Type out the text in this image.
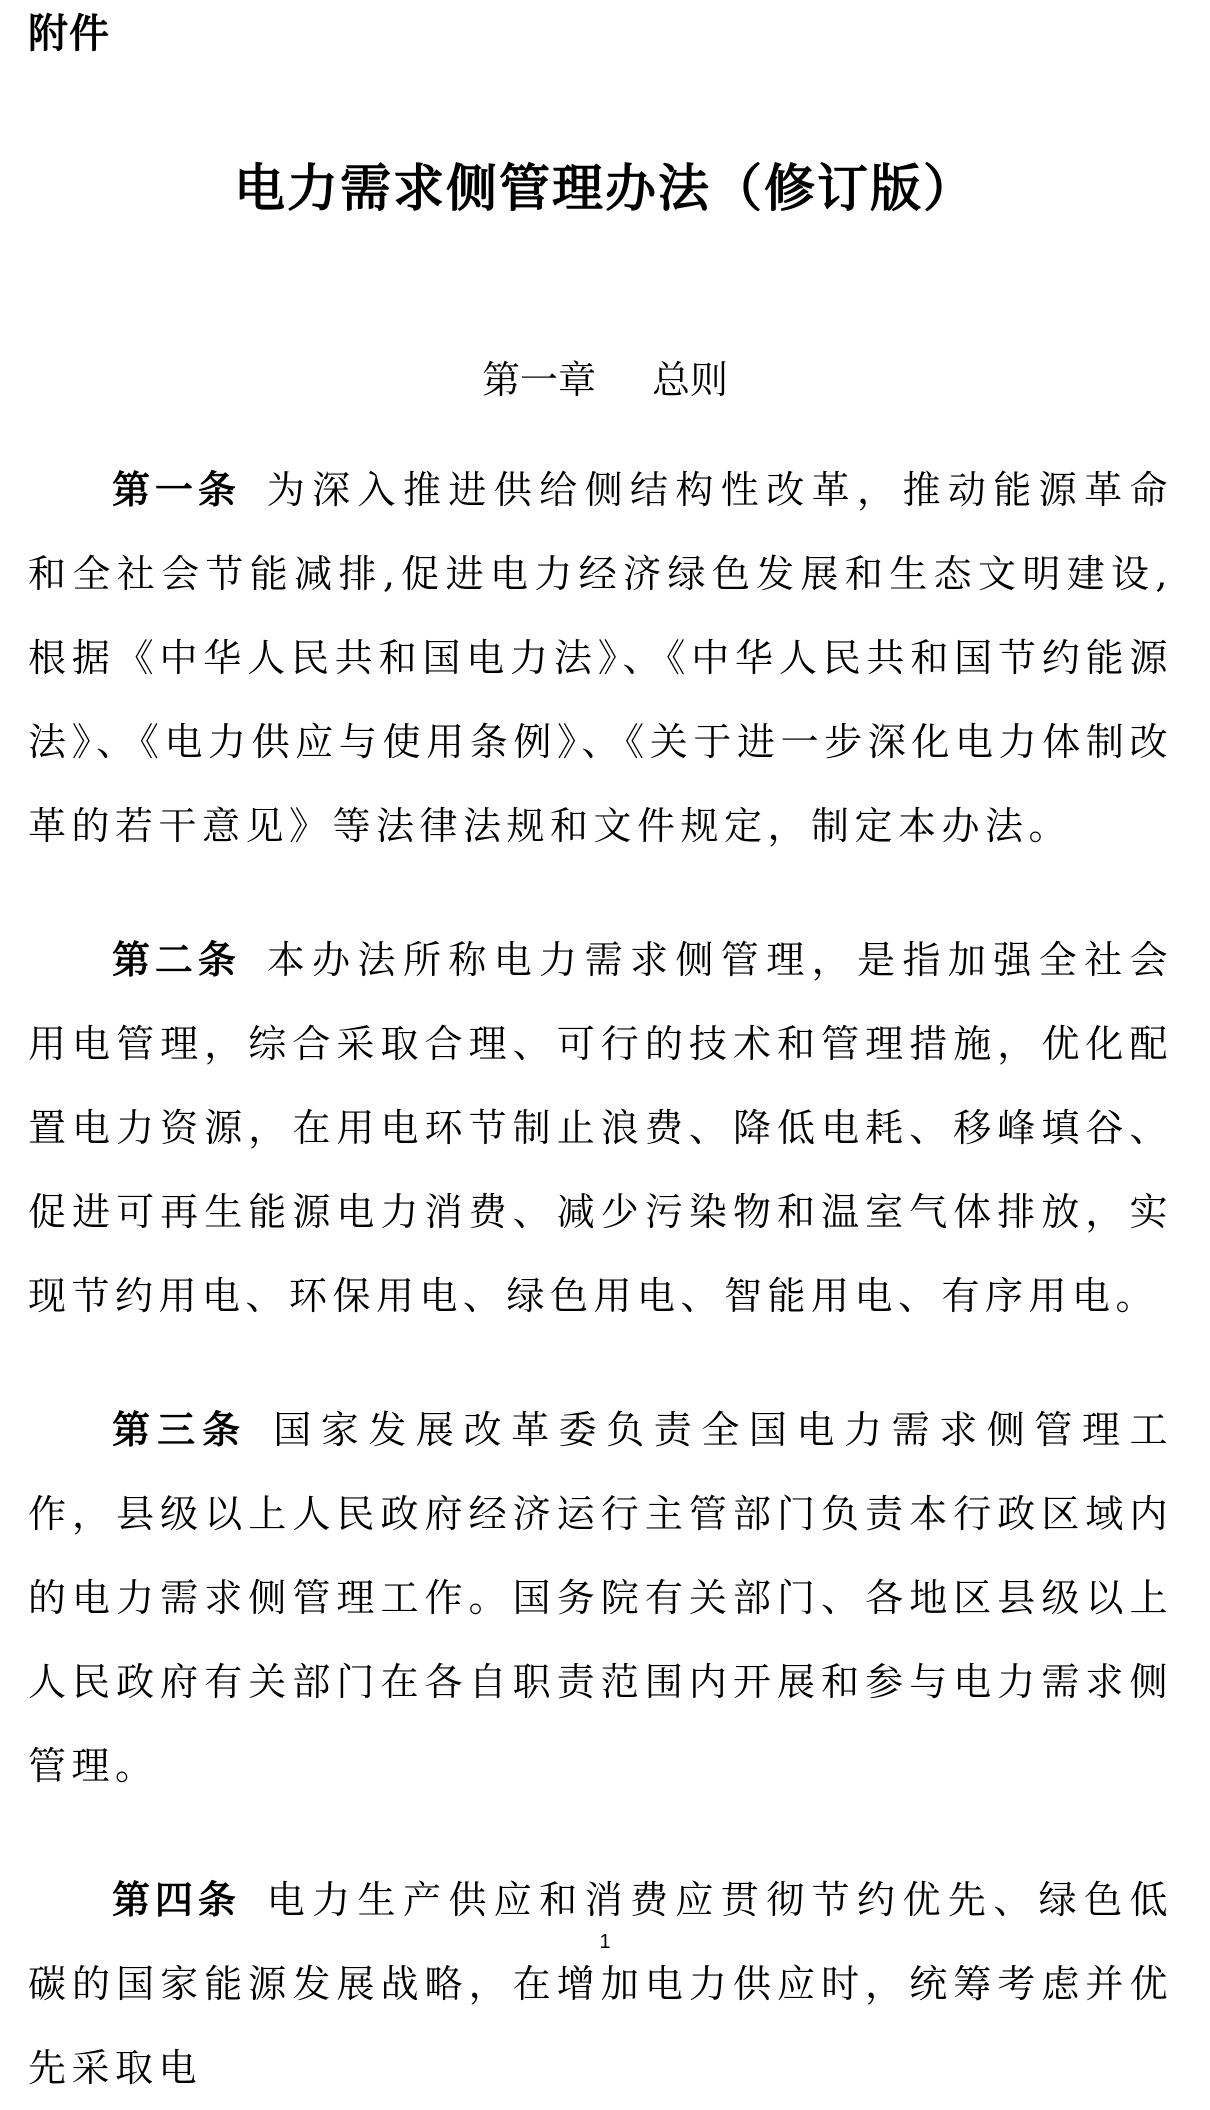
附件
电力需求侧管理办法（修订版）
第一章 总则

第一条 为深入推进供给侧结构性改革，推动能源革命和全社会节能减排,促进电力经济绿色发展和生态文明建设,根据《中华人民共和国电力法》、《中华人民共和国节约能源法》、《电力供应与使用条例》、《关于进一步深化电力体制改革的若干意见》等法律法规和文件规定，制定本办法。

第二条 本办法所称电力需求侧管理，是指加强全社会用电管理，综合采取合理、可行的技术和管理措施，优化配置电力资源，在用电环节制止浪费、降低电耗、移峰填谷、促进可再生能源电力消费、减少污染物和温室气体排放，实现节约用电、环保用电、绿色用电、智能用电、有序用电。

第三条 国家发展改革委负责全国电力需求侧管理工作，县级以上人民政府经济运行主管部门负责本行政区域内的电力需求侧管理工作。国务院有关部门、各地区县级以上人民政府有关部门在各自职责范围内开展和参与电力需求侧管理。

第四条 电力生产供应和消费应贯彻节约优先、绿色低碳的国家能源发展战略，在增加电力供应时，统筹考虑并优先采取电

1
